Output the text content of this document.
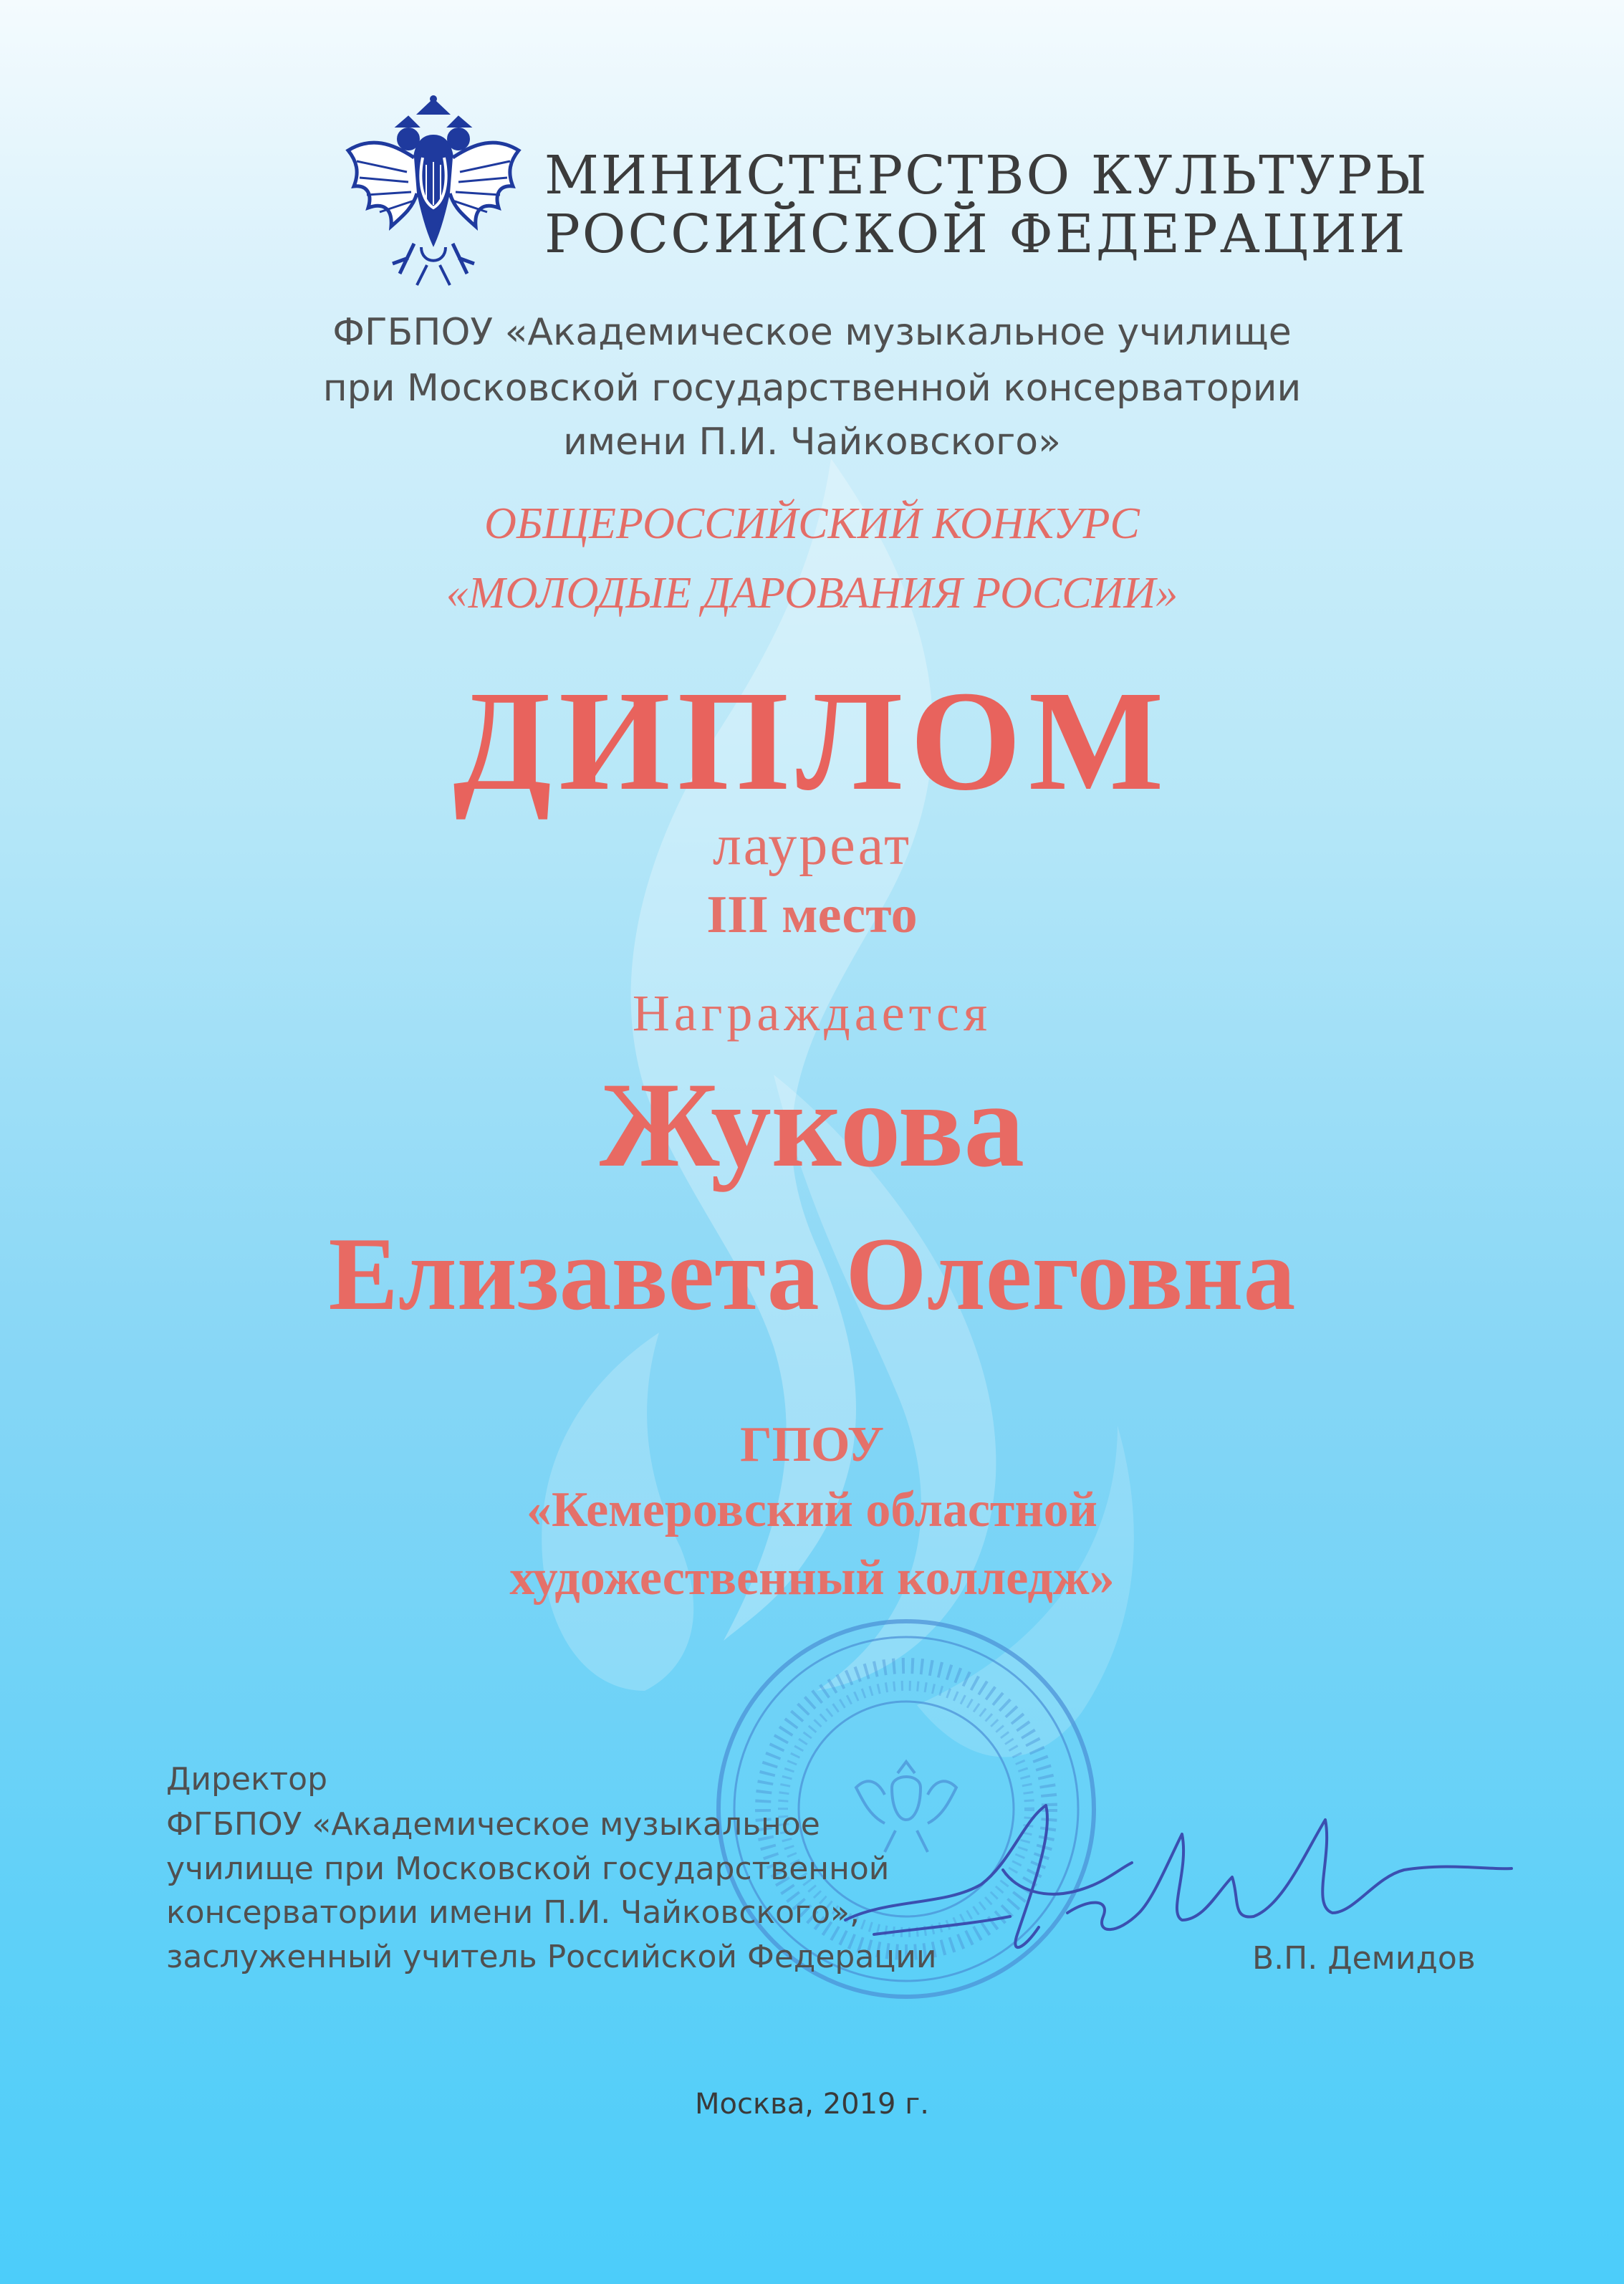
МИНИСТЕРСТВО КУЛЬТУРЫ
РОССИЙСКОЙ ФЕДЕРАЦИИ
ФГБПОУ «Академическое музыкальное училище
при Московской государственной консерватории
имени П.И. Чайковского»
ОБЩЕРОССИЙСКИЙ КОНКУРС
«МОЛОДЫЕ ДАРОВАНИЯ РОССИИ»
ДИПЛОМ
лауреат
III место
Награждается
Жукова
Елизавета Олеговна
ГПОУ
«Кемеровский областной
художественный колледж»
Директор
ФГБПОУ «Академическое музыкальное
училище при Московской государственной
консерватории имени П.И. Чайковского»,
заслуженный учитель Российской Федерации	В.П. Демидов
Москва, 2019 г.
